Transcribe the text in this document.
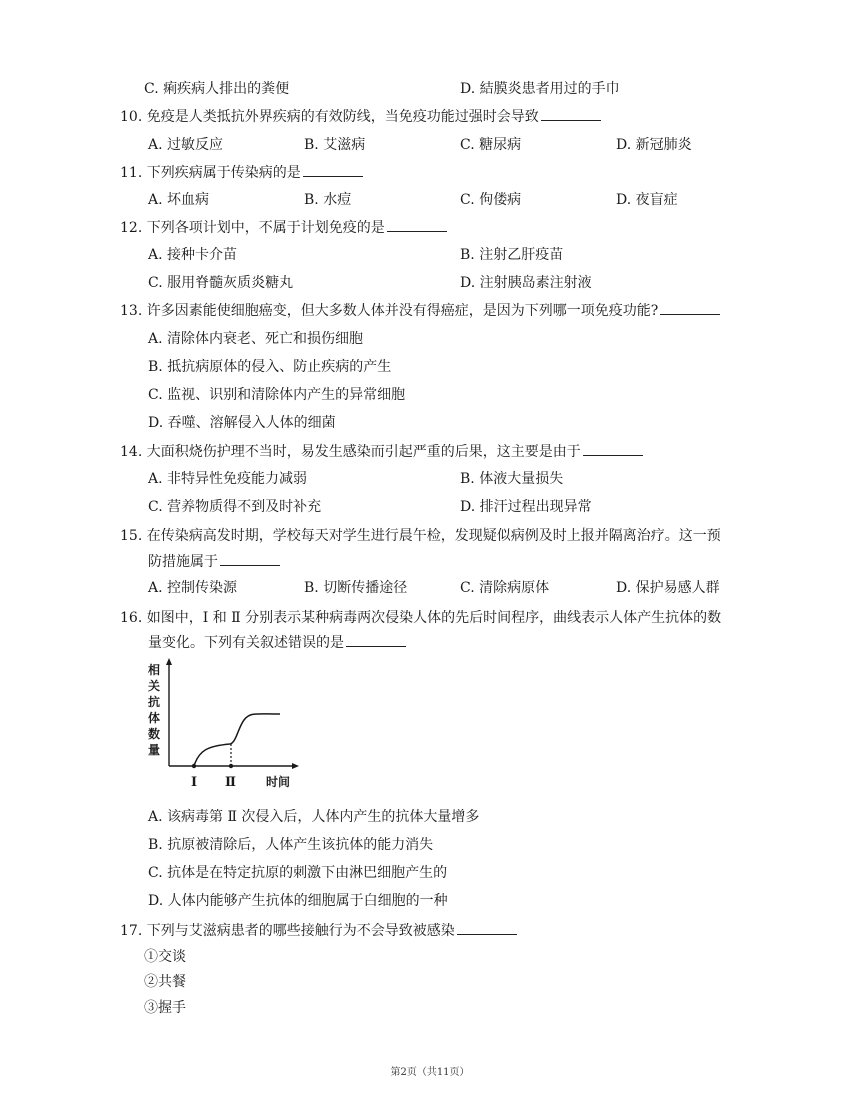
C. 痢疾病人排出的粪便	D. 結膜炎患者用过的手巾
10. 免疫是人类抵抗外界疾病的有效防线，当免疫功能过强时会导致
A. 过敏反应	B. 艾滋病	C. 糖尿病	D. 新冠肺炎
11. 下列疾病属于传染病的是
A. 坏血病	B. 水痘	C. 佝偻病	D. 夜盲症
12. 下列各项计划中，不属于计划免疫的是
A. 接种卡介苗	B. 注射乙肝疫苗
C. 服用脊髓灰质炎糖丸	D. 注射胰岛素注射液
13. 许多因素能使细胞癌变，但大多数人体并没有得癌症，是因为下列哪一项免疫功能?
A. 清除体内衰老、死亡和损伤细胞
B. 抵抗病原体的侵入、防止疾病的产生
C. 监视、识别和清除体内产生的异常细胞
D. 吞噬、溶解侵入人体的细菌
14. 大面积烧伤护理不当时，易发生感染而引起严重的后果，这主要是由于
A. 非特异性免疫能力减弱	B. 体液大量损失
C. 营养物质得不到及时补充	D. 排汗过程出现异常
15. 在传染病高发时期，学校每天对学生进行晨午检，发现疑似病例及时上报并隔离治疗。这一预
防措施属于
A. 控制传染源	B. 切断传播途径	C. 清除病原体	D. 保护易感人群
16. 如图中，Ⅰ 和 Ⅱ 分别表示某种病毒两次侵染人体的先后时间程序，曲线表示人体产生抗体的数
量变化。下列有关叙述错误的是
相
关
抗
体
数
量
Ⅰ Ⅱ	时间
A. 该病毒第 Ⅱ 次侵入后，人体内产生的抗体大量增多
B. 抗原被清除后，人体产生该抗体的能力消失
C. 抗体是在特定抗原的刺激下由淋巴细胞产生的
D. 人体内能够产生抗体的细胞属于白细胞的一种
17. 下列与艾滋病患者的哪些接触行为不会导致被感染
①交谈
②共餐
③握手
第2页（共11页）
